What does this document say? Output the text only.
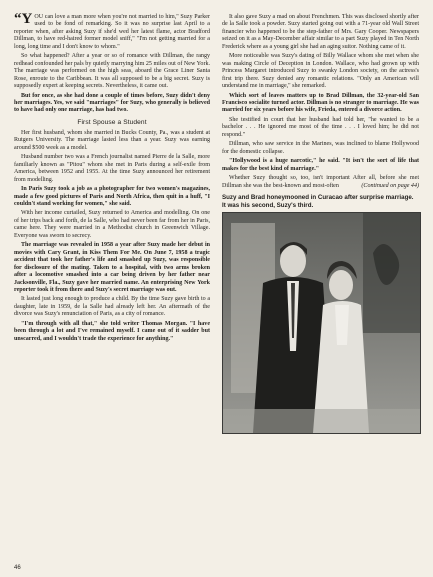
“YOU can love a man more when you're not married to him," Suzy Parker used to be fond of remarking. So it was no surprise last April to a reporter when, after asking Suzy if she'd wed her latest flame, actor Bradford Dillman, to have red-haired former model sniff," "I'm not getting married for a long, long time and I don't know to whom."

So what happened? After a year or so of romance with Dillman, the rangy redhead confounded her pals by quietly marrying him 25 miles out of New York. The marriage was performed on the high seas, aboard the Grace Liner Santa Rose, enroute to the Caribbean. It was all supposed to be a big secret. Suzy is supposedly expert at keeping secrets. Nevertheless, it came out.

But for once, as she had done a couple of times before, Suzy didn't deny her marriages. Yes, we said "marriages" for Suzy, who generally is believed to have had only one marriage, has had two.

First Spouse a Student

Her first husband, whom she married in Bucks County, Pa., was a student at Rutgers University. The marriage lasted less than a year. Suzy was earning around $500 week as a model.

Husband number two was a French journalist named Pierre de la Salle, more familiarly known as "Pitou" whom she met in Paris during a self-exile from America, between 1952 and 1955. At the time Suzy announced her retirement from modelling.

In Paris Suzy took a job as a photographer for two women's magazines, made a few good pictures of Paris and North Africa, then quit in a huff, "I couldn't stand working for women," she said.

With her income curtailed, Suzy returned to America and modelling. On one of her trips back and forth, de la Salle, who had never been far from her in Paris, came here. They were married in a Methodist church in Greenwich Village. Everyone was sworn to secrecy.

The marriage was revealed in 1958 a year after Suzy made her debut in movies with Cary Grant, in Kiss Them For Me. On June 7, 1958 a tragic accident that took her father's life and smashed up Suzy, was responsible for disclosure of the mating. Taken to a hospital, with two arms broken after a locomotive smashed into a car being driven by her father near Jacksonville, Fla., Suzy gave her married name. An enterprising New York reporter took it from there and Suzy's secret marriage was out.

It lasted just long enough to produce a child. By the time Suzy gave birth to a daughter, late in 1959, de la Salle had already left her. An aftermath of the divorce was Suzy's renunciation of Paris, as a city of romance.

"I'm through with all that," she told writer Thomas Morgan. "I have been through a lot and I've remained myself. I came out of it sadder but unscarred, and I wouldn't trade the experience for anything."

It also gave Suzy a mad on about Frenchmen. This was disclosed shortly after de la Salle took a powder. Suzy started going out with a 71-year old Wall Street financier who happened to be the step-father of Mrs. Gary Cooper. Newspapers seized on it as a May-December affair similar to a part Suzy played in Ten North Frederick where as a young girl she had an aging suitor. Nothing came of it.

More noticeable was Suzy's dating of Billy Wallace whom she met when she was making Circle of Deception in London. Wallace, who had grown up with Princess Margaret introduced Suzy to swanky London society, on the actress's first trip there. Suzy denied any romantic relations. "Only an American will understand me in marriage," she remarked.

Which sort of leaves matters up to Brad Dillman, the 32-year-old San Francisco socialite turned actor. Dillman is no stranger to marriage. He was married for six years before his wife, Frieda, entered a divorce action.

She testified in court that her husband had told her, "he wanted to be a bachelor . . . He ignored me most of the time . . . I loved him; he did not respond."

Dillman, who saw service in the Marines, was inclined to blame Hollywood for the domestic collapse.

"Hollywood is a huge narcotic," he said. "It isn't the sort of life that makes for the best kind of marriage."

Whether Suzy thought so, too, isn't important After all, before she met Dillman she was the best-known and most-often	(Continued on page 44)

Suzy and Brad honeymooned in Curacao after surprise marriage. It was his second, Suzy's third.
46
